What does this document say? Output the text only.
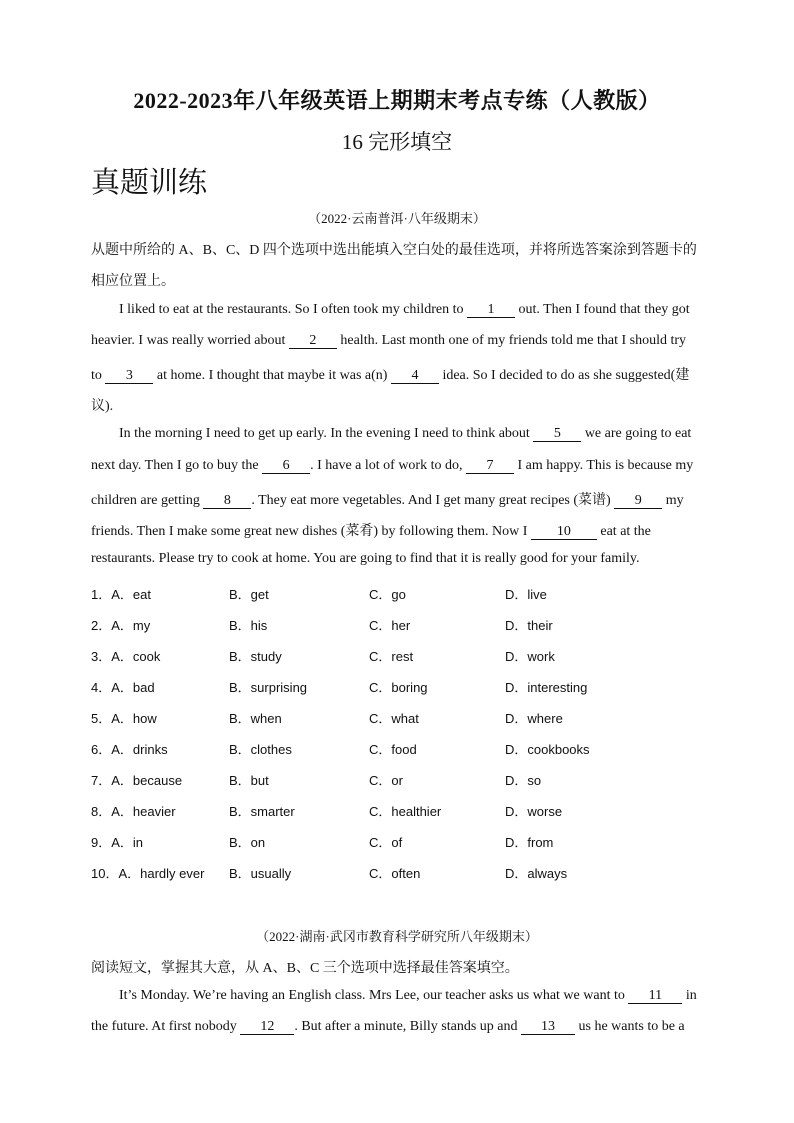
2022-2023年八年级英语上期期末考点专练（人教版）
16 完形填空
真题训练
（2022·云南普洱·八年级期末）
从题中所给的 A、B、C、D 四个选项中选出能填入空白处的最佳选项，并将所选答案涂到答题卡的
相应位置上。
I liked to eat at the restaurants. So I often took my children to 1 out. Then I found that they got
heavier. I was really worried about 2 health. Last month one of my friends told me that I should try
to 3 at home. I thought that maybe it was a(n) 4 idea. So I decided to do as she suggested(建
议).
In the morning I need to get up early. In the evening I need to think about 5 we are going to eat
next day. Then I go to buy the 6 . I have a lot of work to do, 7 I am happy. This is because my
children are getting 8 . They eat more vegetables. And I get many great recipes (菜谱) 9 my
friends. Then I make some great new dishes (菜肴) by following them. Now I 10 eat at the
restaurants. Please try to cook at home. You are going to find that it is really good for your family.
1．A．eat	B．get	C．go	D．live
2．A．my	B．his	C．her	D．their
3．A．cook	B．study	C．rest	D．work
4．A．bad	B．surprising	C．boring	D．interesting
5．A．how	B．when	C．what	D．where
6．A．drinks	B．clothes	C．food	D．cookbooks
7．A．because	B．but	C．or	D．so
8．A．heavier	B．smarter	C．healthier	D．worse
9．A．in	B．on	C．of	D．from
10．A．hardly ever B．usually	C．often	D．always
（2022·湖南·武冈市教育科学研究所八年级期末）
阅读短文，掌握其大意，从 A、B、C 三个选项中选择最佳答案填空。
It’s Monday. We’re having an English class. Mrs Lee, our teacher asks us what we want to 11 in
the future. At first nobody 12 . But after a minute, Billy stands up and 13 us he wants to be a
